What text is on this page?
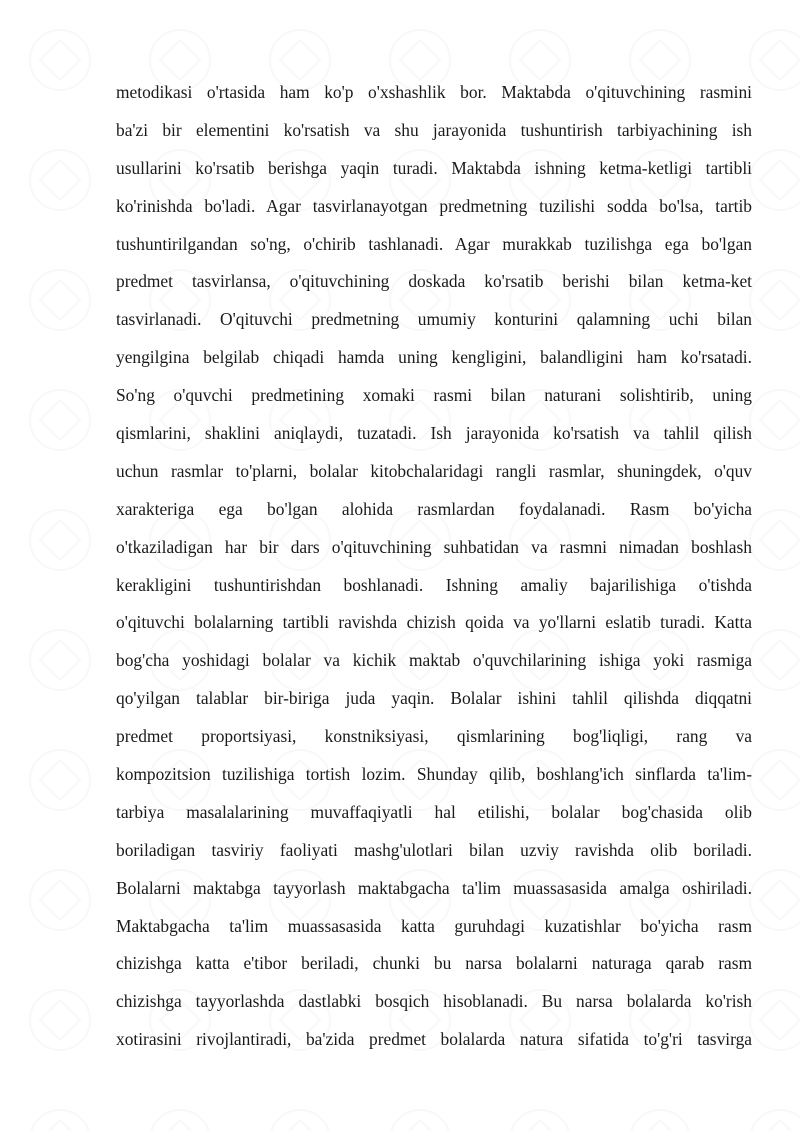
metodikasi o'rtasida ham ko'p o'xshashlik bor. Maktabda o'qituvchining rasmini
ba'zi bir elementini ko'rsatish va shu jarayonida tushuntirish tarbiyachining ish
usullarini ko'rsatib berishga yaqin turadi. Maktabda ishning ketma-ketligi tartibli
ko'rinishda bo'ladi. Agar tasvirlanayotgan predmetning tuzilishi sodda bo'lsa, tartib
tushuntirilgandan so'ng, o'chirib tashlanadi. Agar murakkab tuzilishga ega bo'lgan
predmet tasvirlansa, o'qituvchining doskada ko'rsatib berishi bilan ketma-ket
tasvirlanadi. O'qituvchi predmetning umumiy konturini qalamning uchi bilan
yengilgina belgilab chiqadi hamda uning kengligini, balandligini ham ko'rsatadi.
So'ng o'quvchi predmetining xomaki rasmi bilan naturani solishtirib, uning
qismlarini, shaklini aniqlaydi, tuzatadi. Ish jarayonida ko'rsatish va tahlil qilish
uchun rasmlar to'plarni, bolalar kitobchalaridagi rangli rasmlar, shuningdek, o'quv
xarakteriga ega bo'lgan alohida rasmlardan foydalanadi. Rasm bo'yicha
o'tkaziladigan har bir dars o'qituvchining suhbatidan va rasmni nimadan boshlash
kerakligini tushuntirishdan boshlanadi. Ishning amaliy bajarilishiga o'tishda
o'qituvchi bolalarning tartibli ravishda chizish qoida va yo'llarni eslatib turadi. Katta
bog'cha yoshidagi bolalar va kichik maktab o'quvchilarining ishiga yoki rasmiga
qo'yilgan talablar bir-biriga juda yaqin. Bolalar ishini tahlil qilishda diqqatni
predmet proportsiyasi, konstniksiyasi, qismlarining bog'liqligi, rang va
kompozitsion tuzilishiga tortish lozim. Shunday qilib, boshlang'ich sinflarda ta'lim-
tarbiya masalalarining muvaffaqiyatli hal etilishi, bolalar bog'chasida olib
boriladigan tasviriy faoliyati mashg'ulotlari bilan uzviy ravishda olib boriladi.
Bolalarni maktabga tayyorlash maktabgacha ta'lim muassasasida amalga oshiriladi.
Maktabgacha ta'lim muassasasida katta guruhdagi kuzatishlar bo'yicha rasm
chizishga katta e'tibor beriladi, chunki bu narsa bolalarni naturaga qarab rasm
chizishga tayyorlashda dastlabki bosqich hisoblanadi. Bu narsa bolalarda ko'rish
xotirasini rivojlantiradi, ba'zida predmet bolalarda natura sifatida to'g'ri tasvirga
